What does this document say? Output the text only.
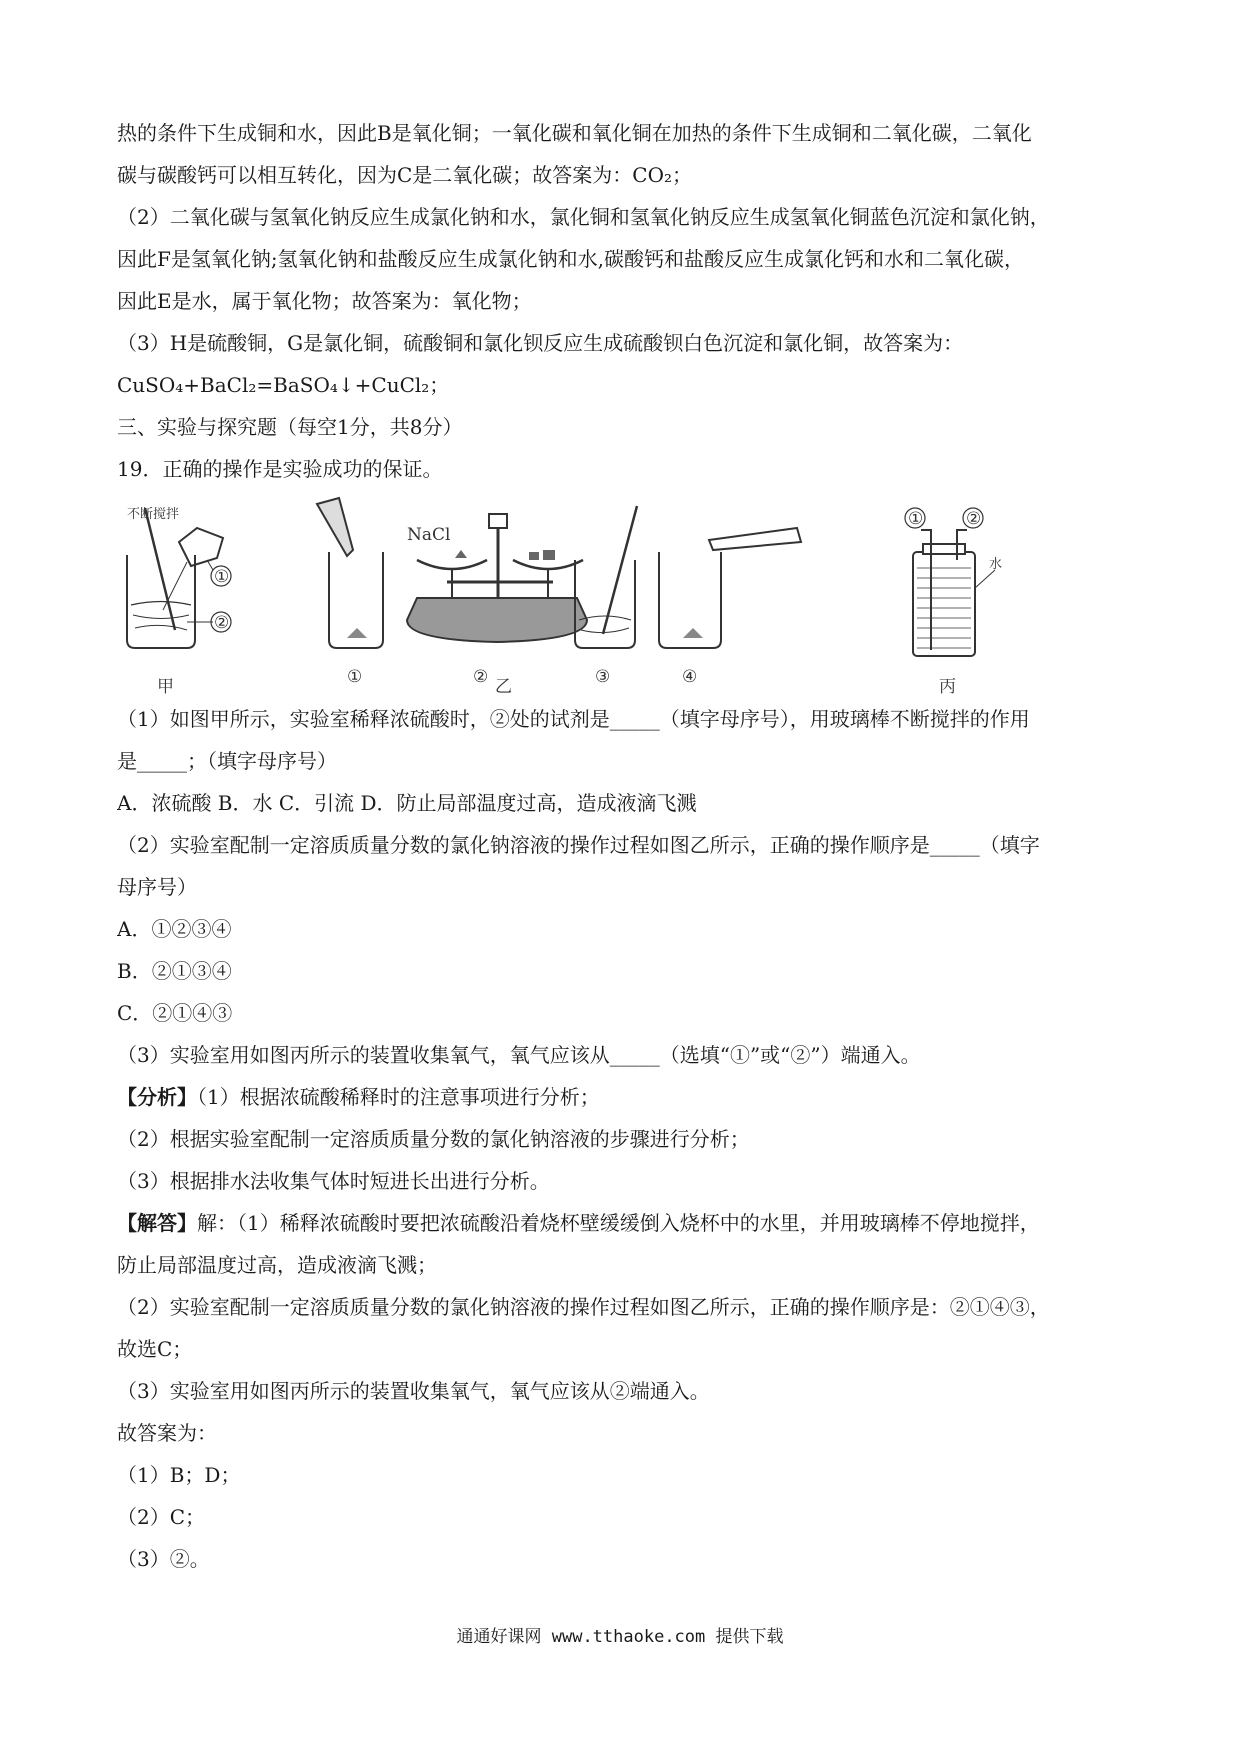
热的条件下生成铜和水，因此B是氧化铜；一氧化碳和氧化铜在加热的条件下生成铜和二氧化碳，二氧化
碳与碳酸钙可以相互转化，因为C是二氧化碳；故答案为：CO₂；
（2）二氧化碳与氢氧化钠反应生成氯化钠和水，氯化铜和氢氧化钠反应生成氢氧化铜蓝色沉淀和氯化钠，
因此F是氢氧化钠;氢氧化钠和盐酸反应生成氯化钠和水,碳酸钙和盐酸反应生成氯化钙和水和二氧化碳，
因此E是水，属于氧化物；故答案为：氧化物；
（3）H是硫酸铜，G是氯化铜，硫酸铜和氯化钡反应生成硫酸钡白色沉淀和氯化铜，故答案为：
CuSO₄+BaCl₂=BaSO₄↓+CuCl₂；
三、实验与探究题（每空1分，共8分）
19．正确的操作是实验成功的保证。
不断搅拌
①
②
甲	①
NaCl
②	③	④
乙
①	②
水
丙
（1）如图甲所示，实验室稀释浓硫酸时，②处的试剂是_____（填字母序号），用玻璃棒不断搅拌的作用
是_____；（填字母序号）
A．浓硫酸 B．水 C．引流 D．防止局部温度过高，造成液滴飞溅
（2）实验室配制一定溶质质量分数的氯化钠溶液的操作过程如图乙所示，正确的操作顺序是_____（填字
母序号）
A．①②③④
B．②①③④
C．②①④③
（3）实验室用如图丙所示的装置收集氧气，氧气应该从_____（选填“①”或“②”）端通入。
【分析】（1）根据浓硫酸稀释时的注意事项进行分析；
（2）根据实验室配制一定溶质质量分数的氯化钠溶液的步骤进行分析；
（3）根据排水法收集气体时短进长出进行分析。
【解答】解：（1）稀释浓硫酸时要把浓硫酸沿着烧杯壁缓缓倒入烧杯中的水里，并用玻璃棒不停地搅拌，
防止局部温度过高，造成液滴飞溅；
（2）实验室配制一定溶质质量分数的氯化钠溶液的操作过程如图乙所示，正确的操作顺序是：②①④③，
故选C；
（3）实验室用如图丙所示的装置收集氧气，氧气应该从②端通入。
故答案为：
（1）B；D；
（2）C；
（3）②。
通通好课网 www.tthaoke.com 提供下载
